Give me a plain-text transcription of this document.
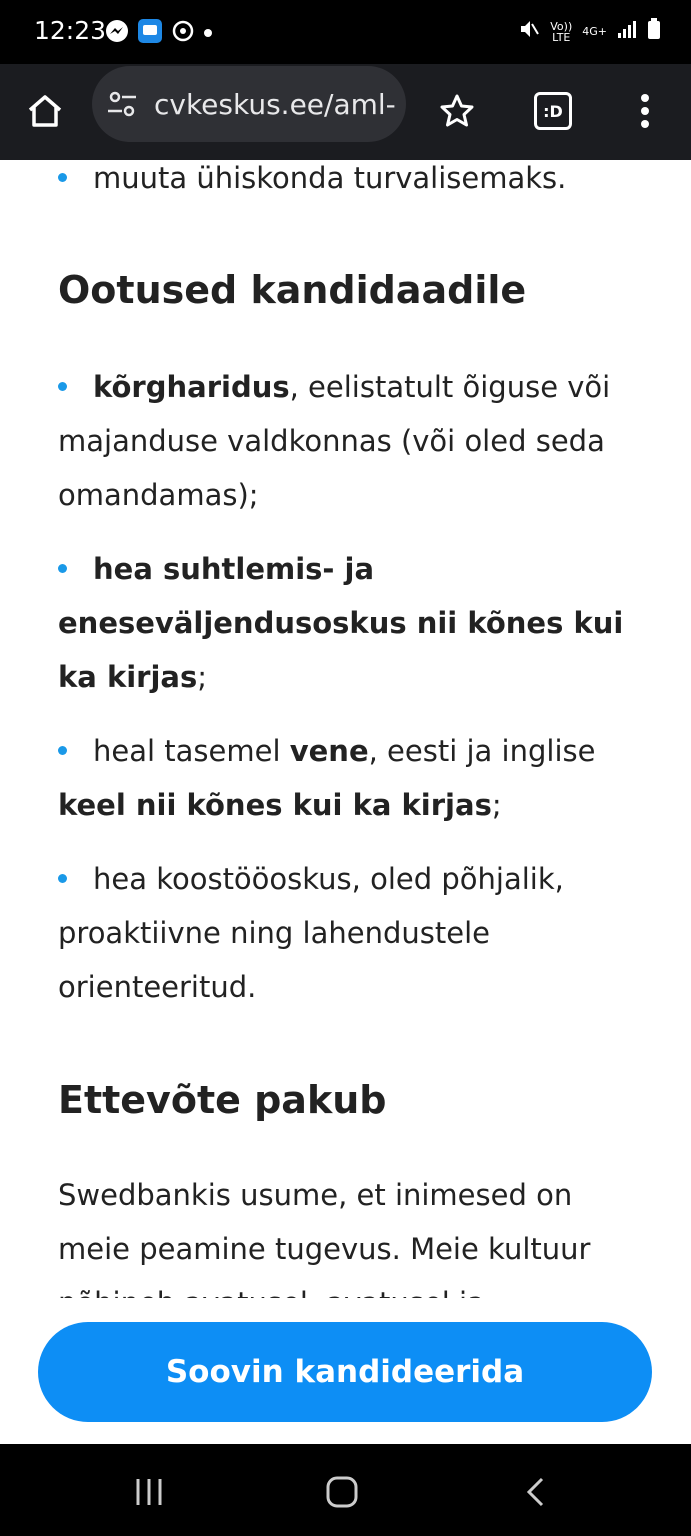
12:23	Vo)) LTE 4G+
cvkeskus.ee/aml-	:D
muuta ühiskonda turvalisemaks.
Ootused kandidaadile
kõrgharidus, eelistatult õiguse või majanduse valdkonnas (või oled seda omandamas);
hea suhtlemis- ja eneseväljendusoskus nii kõnes kui ka kirjas;
heal tasemel vene, eesti ja inglise keel nii kõnes kui ka kirjas;
hea koostööoskus, oled põhjalik, proaktiivne ning lahendustele orienteeritud.
Ettevõte pakub

Swedbankis usume, et inimesed on meie peamine tugevus. Meie kultuur

Soovin kandideerida
